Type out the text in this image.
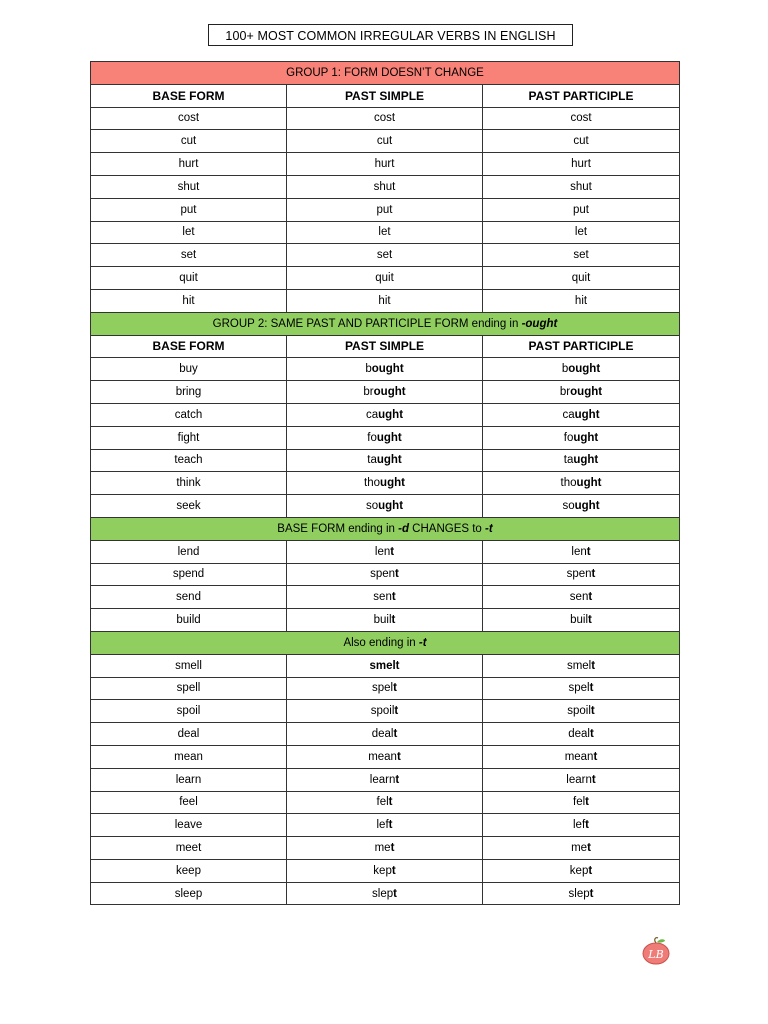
100+ MOST COMMON IRREGULAR VERBS IN ENGLISH
GROUP 1: FORM DOESN’T CHANGE		
BASE FORM	PAST SIMPLE	PAST PARTICIPLE
cost	cost	cost
cut	cut	cut
hurt	hurt	hurt
shut	shut	shut
put	put	put
let	let	let
set	set	set
quit	quit	quit
hit	hit	hit
GROUP 2: SAME PAST AND PARTICIPLE FORM ending in -ought		
BASE FORM	PAST SIMPLE	PAST PARTICIPLE
buy	bought	bought
bring	brought	brought
catch	caught	caught
fight	fought	fought
teach	taught	taught
think	thought	thought
seek	sought	sought
BASE FORM ending in -d CHANGES to -t		
lend	lent	lent
spend	spent	spent
send	sent	sent
build	built	built
Also ending in -t		
smell	smelt	smelt
spell	spelt	spelt
spoil	spoilt	spoilt
deal	dealt	dealt
mean	meant	meant
learn	learnt	learnt
feel	felt	felt
leave	left	left
meet	met	met
keep	kept	kept
sleep	slept	slept
LB
